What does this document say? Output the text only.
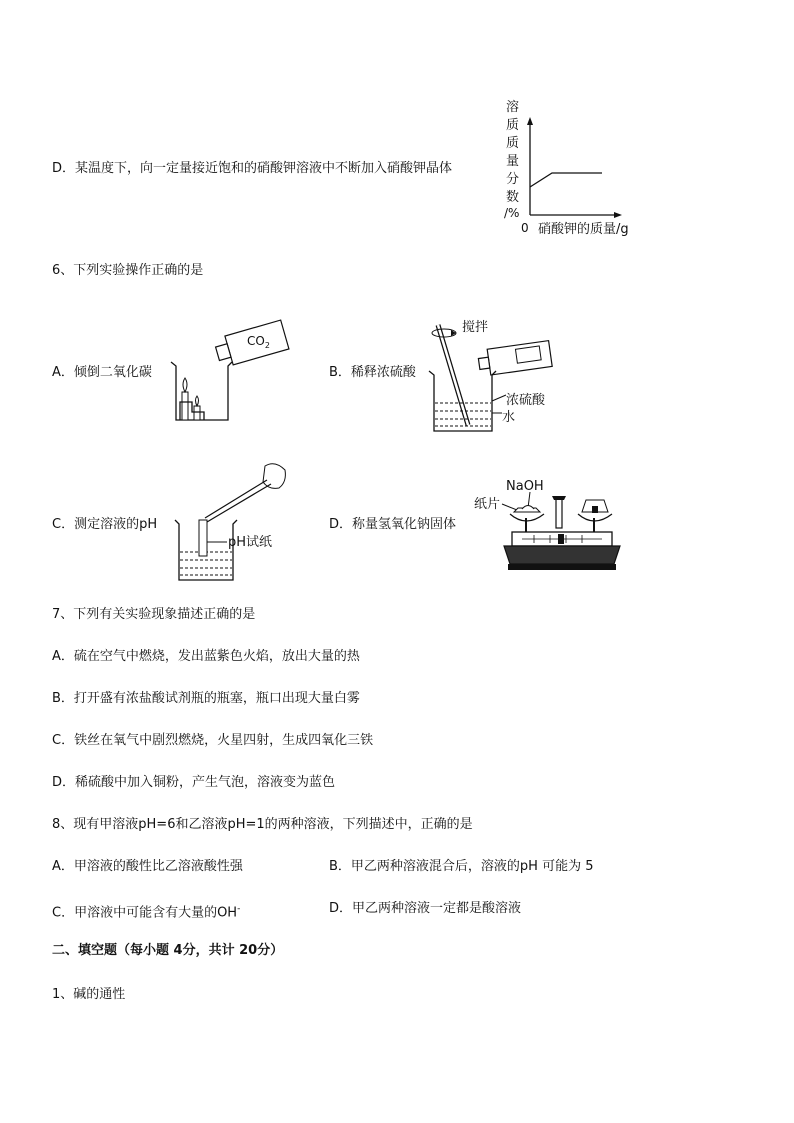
D．某温度下，向一定量接近饱和的硝酸钾溶液中不断加入硝酸钾晶体
溶
质
质
量
分
数
/%
0 硝酸钾的质量/g
6、下列实验操作正确的是
A．倾倒二氧化碳	B．稀释浓硫酸
$CO_2$
搅拌
浓硫酸
水
C．测定溶液的pH	D．称量氢氧化钠固体
pH试纸
NaOH
纸片
7、下列有关实验现象描述正确的是
A．硫在空气中燃烧，发出蓝紫色火焰，放出大量的热
B．打开盛有浓盐酸试剂瓶的瓶塞，瓶口出现大量白雾
C．铁丝在氧气中剧烈燃烧，火星四射，生成四氧化三铁
D．稀硫酸中加入铜粉，产生气泡，溶液变为蓝色
8、现有甲溶液pH=6和乙溶液pH=1的两种溶液，下列描述中，正确的是
A．甲溶液的酸性比乙溶液酸性强	B．甲乙两种溶液混合后，溶液的pH 可能为 5
C．甲溶液中可能含有大量的OH-	D．甲乙两种溶液一定都是酸溶液
二、填空题（每小题 4分，共计 20分）
1、碱的通性
